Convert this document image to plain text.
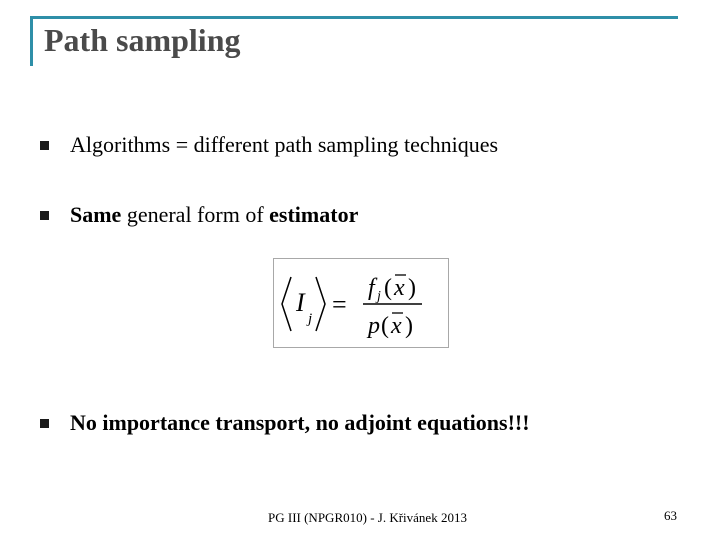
Path sampling
Algorithms = different path sampling techniques
Same general form of estimator
I
j =
f j ( x )
p ( x )
No importance transport, no adjoint equations!!!
PG III (NPGR010) - J. Křivánek 2013	63
